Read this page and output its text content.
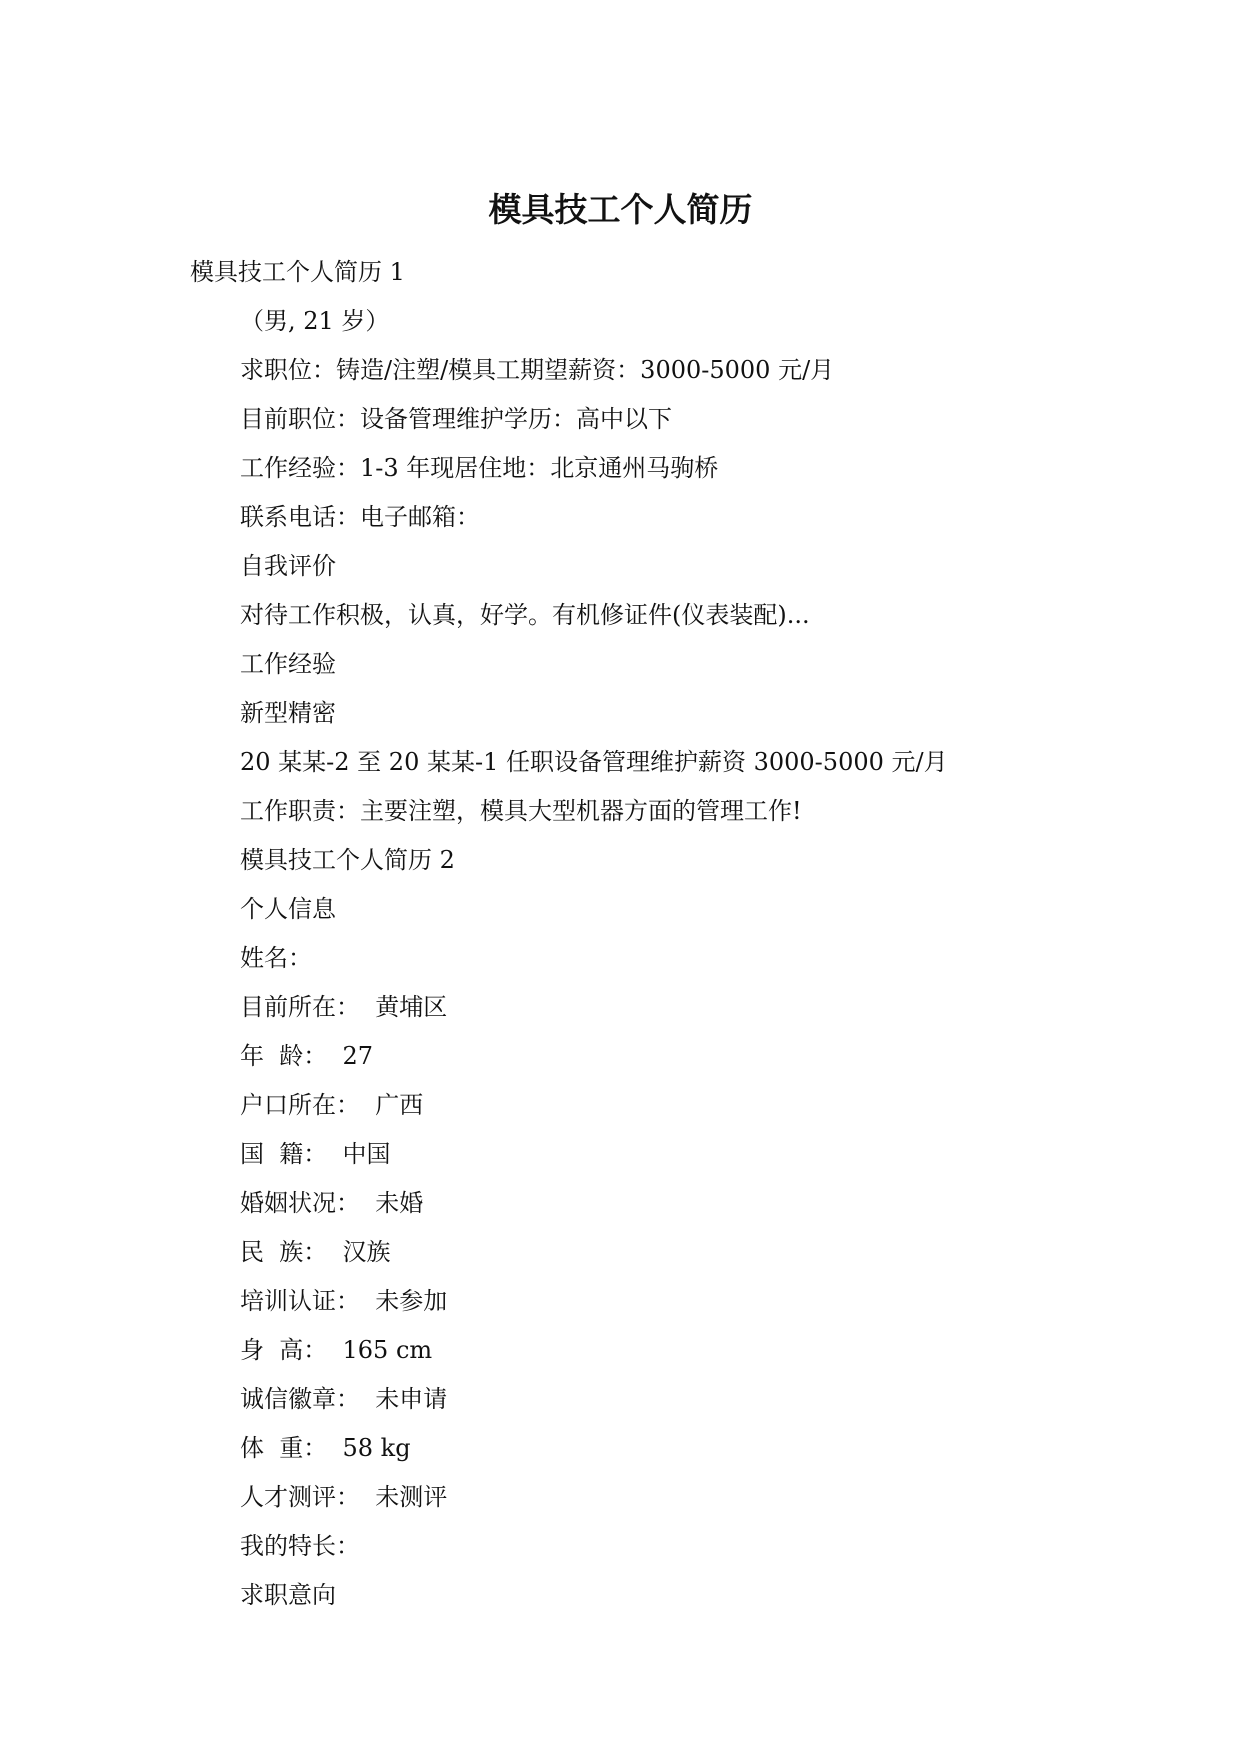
模具技工个人简历

模具技工个人简历 1

（男, 21 岁）
求职位：铸造/注塑/模具工期望薪资：3000-5000 元/月
目前职位：设备管理维护学历：高中以下
工作经验：1-3 年现居住地：北京通州马驹桥
联系电话：电子邮箱：
自我评价
对待工作积极，认真，好学。有机修证件(仪表装配)...
工作经验
新型精密
20 某某-2 至 20 某某-1 任职设备管理维护薪资 3000-5000 元/月
工作职责：主要注塑，模具大型机器方面的管理工作!
模具技工个人简历 2
个人信息
姓名：
目前所在：  黄埔区
年  龄：  27
户口所在：  广西
国  籍：  中国
婚姻状况：  未婚
民  族：  汉族
培训认证：  未参加
身  高：  165 cm
诚信徽章：  未申请
体  重：  58 kg
人才测评：  未测评
我的特长：
求职意向
